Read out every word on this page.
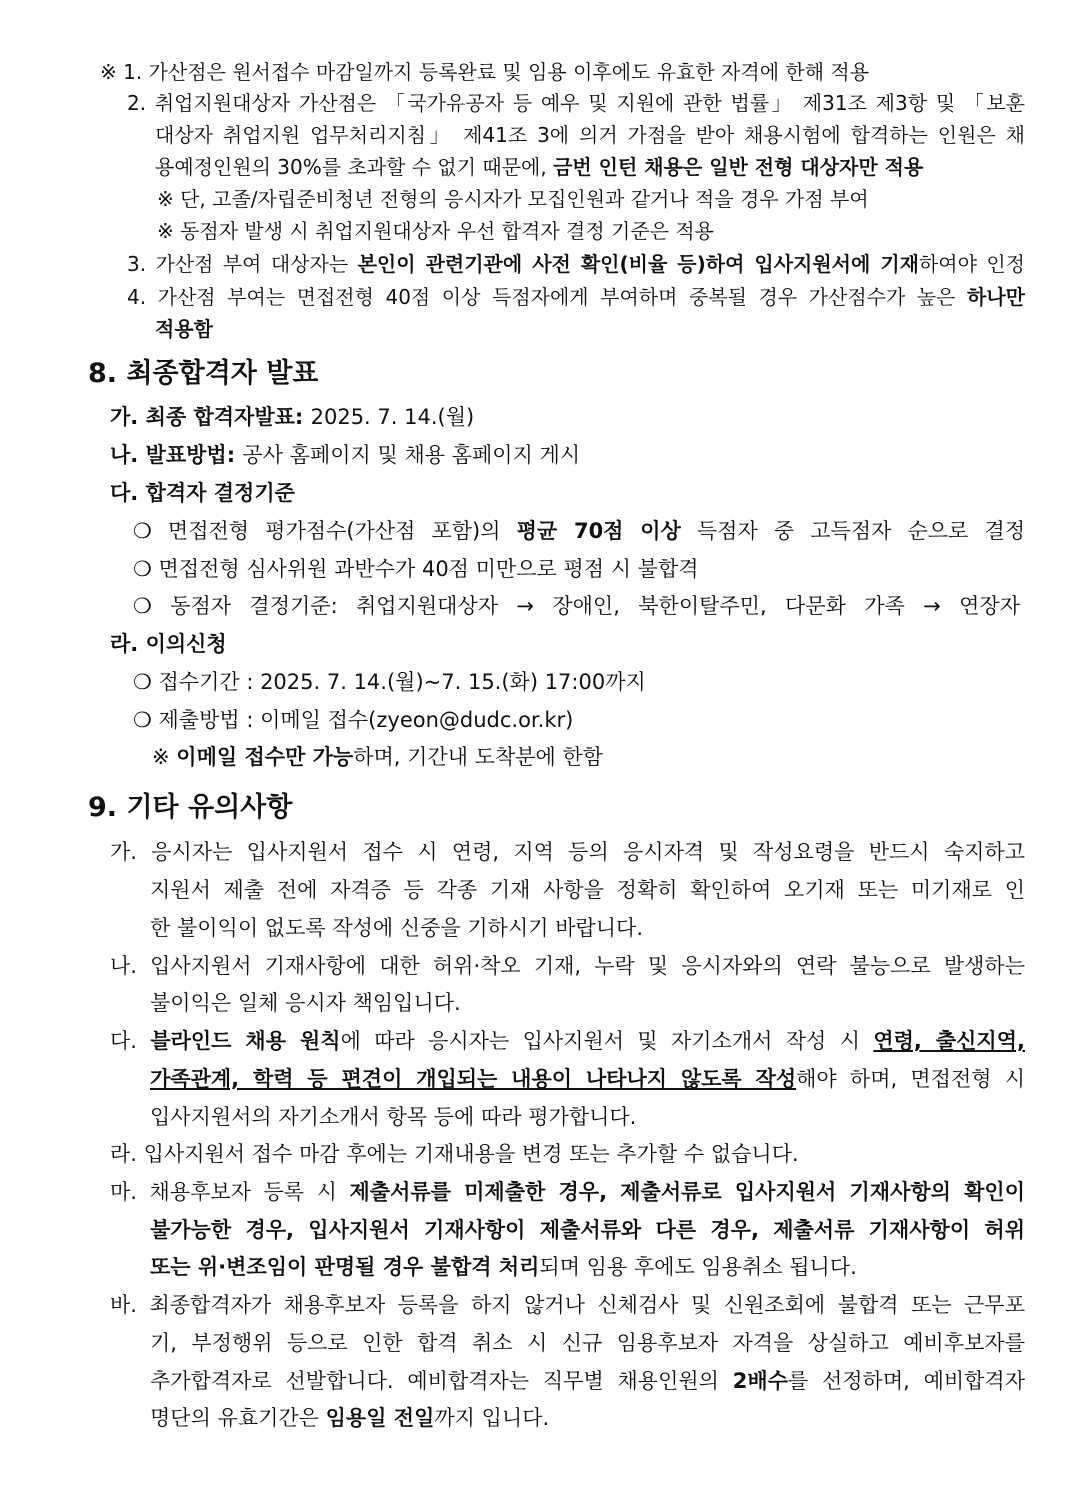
※ 1. 가산점은 원서접수 마감일까지 등록완료 및 임용 이후에도 유효한 자격에 한해 적용
2. 취업지원대상자 가산점은 「국가유공자 등 예우 및 지원에 관한 법률」 제31조 제3항 및 「보훈
대상자 취업지원 업무처리지침」 제41조 3에 의거 가점을 받아 채용시험에 합격하는 인원은 채
용예정인원의 30%를 초과할 수 없기 때문에, 금번 인턴 채용은 일반 전형 대상자만 적용
※ 단, 고졸/자립준비청년 전형의 응시자가 모집인원과 같거나 적을 경우 가점 부여
※ 동점자 발생 시 취업지원대상자 우선 합격자 결정 기준은 적용
3. 가산점 부여 대상자는 본인이 관련기관에 사전 확인(비율 등)하여 입사지원서에 기재하여야 인정
4. 가산점 부여는 면접전형 40점 이상 득점자에게 부여하며 중복될 경우 가산점수가 높은 하나만
적용함
8. 최종합격자 발표
가. 최종 합격자발표: 2025. 7. 14.(월)
나. 발표방법: 공사 홈페이지 및 채용 홈페이지 게시
다. 합격자 결정기준
❍ 면접전형 평가점수(가산점 포함)의 평균 70점 이상 득점자 중 고득점자 순으로 결정
❍ 면접전형 심사위원 과반수가 40점 미만으로 평점 시 불합격
❍ 동점자 결정기준: 취업지원대상자 → 장애인, 북한이탈주민, 다문화 가족 → 연장자
라. 이의신청
❍ 접수기간 : 2025. 7. 14.(월)~7. 15.(화) 17:00까지
❍ 제출방법 : 이메일 접수(zyeon@dudc.or.kr)
※ 이메일 접수만 가능하며, 기간내 도착분에 한함
9. 기타 유의사항
가. 응시자는 입사지원서 접수 시 연령, 지역 등의 응시자격 및 작성요령을 반드시 숙지하고
지원서 제출 전에 자격증 등 각종 기재 사항을 정확히 확인하여 오기재 또는 미기재로 인
한 불이익이 없도록 작성에 신중을 기하시기 바랍니다.
나. 입사지원서 기재사항에 대한 허위·착오 기재, 누락 및 응시자와의 연락 불능으로 발생하는
불이익은 일체 응시자 책임입니다.
다. 블라인드 채용 원칙에 따라 응시자는 입사지원서 및 자기소개서 작성 시 연령, 출신지역,
가족관계, 학력 등 편견이 개입되는 내용이 나타나지 않도록 작성해야 하며, 면접전형 시
입사지원서의 자기소개서 항목 등에 따라 평가합니다.
라. 입사지원서 접수 마감 후에는 기재내용을 변경 또는 추가할 수 없습니다.
마. 채용후보자 등록 시 제출서류를 미제출한 경우, 제출서류로 입사지원서 기재사항의 확인이
불가능한 경우, 입사지원서 기재사항이 제출서류와 다른 경우, 제출서류 기재사항이 허위
또는 위·변조임이 판명될 경우 불합격 처리되며 임용 후에도 임용취소 됩니다.
바. 최종합격자가 채용후보자 등록을 하지 않거나 신체검사 및 신원조회에 불합격 또는 근무포
기, 부정행위 등으로 인한 합격 취소 시 신규 임용후보자 자격을 상실하고 예비후보자를
추가합격자로 선발합니다. 예비합격자는 직무별 채용인원의 2배수를 선정하며, 예비합격자
명단의 유효기간은 임용일 전일까지 입니다.
